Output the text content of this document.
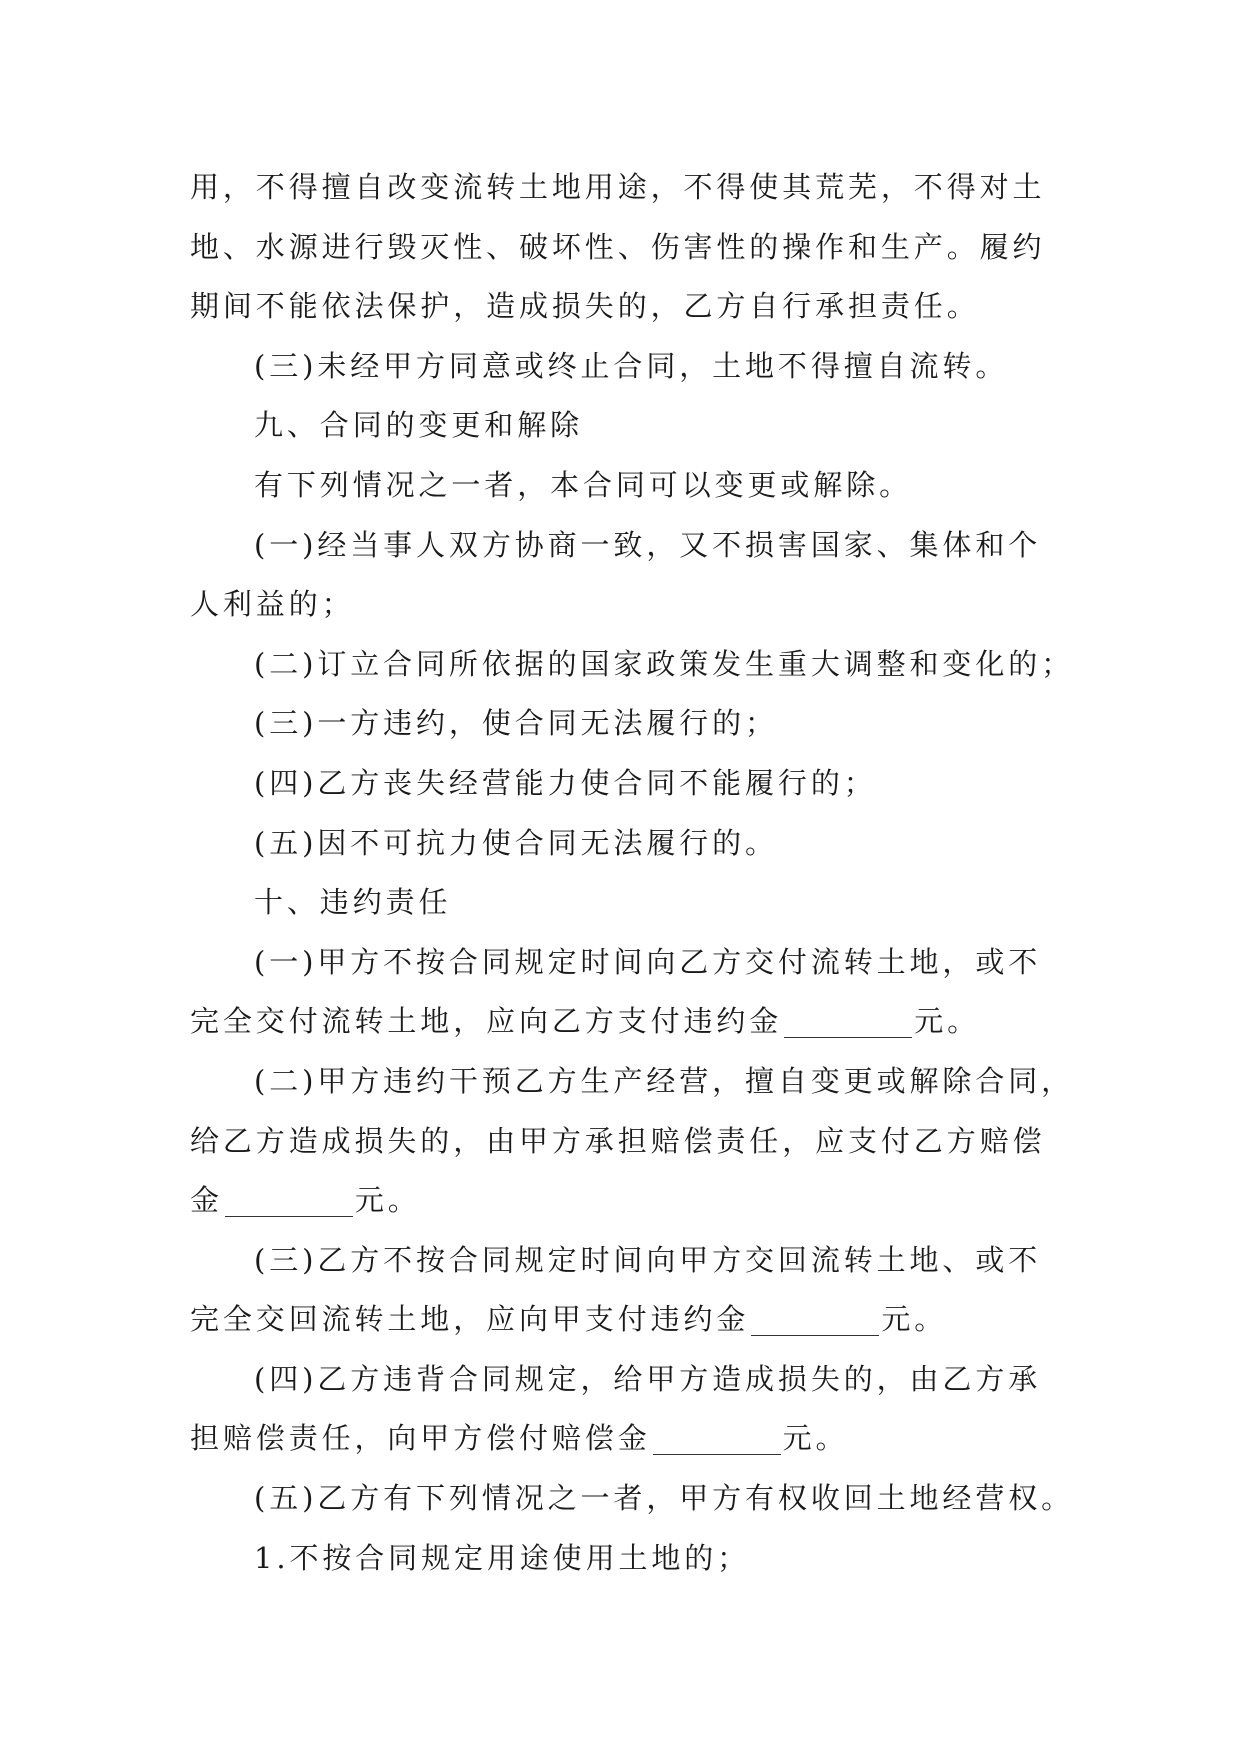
用，不得擅自改变流转土地用途，不得使其荒芜，不得对土
地、水源进行毁灭性、破坏性、伤害性的操作和生产。履约
期间不能依法保护，造成损失的，乙方自行承担责任。
(三)未经甲方同意或终止合同，土地不得擅自流转。
九、合同的变更和解除
有下列情况之一者，本合同可以变更或解除。
(一)经当事人双方协商一致，又不损害国家、集体和个
人利益的；
(二)订立合同所依据的国家政策发生重大调整和变化的；
(三)一方违约，使合同无法履行的；
(四)乙方丧失经营能力使合同不能履行的；
(五)因不可抗力使合同无法履行的。
十、违约责任
(一)甲方不按合同规定时间向乙方交付流转土地，或不
完全交付流转土地，应向乙方支付违约金	元。
(二)甲方违约干预乙方生产经营，擅自变更或解除合同，
给乙方造成损失的，由甲方承担赔偿责任，应支付乙方赔偿
金	元。
(三)乙方不按合同规定时间向甲方交回流转土地、或不
完全交回流转土地，应向甲支付违约金	元。
(四)乙方违背合同规定，给甲方造成损失的，由乙方承
担赔偿责任，向甲方偿付赔偿金	元。
(五)乙方有下列情况之一者，甲方有权收回土地经营权。
1.不按合同规定用途使用土地的；
